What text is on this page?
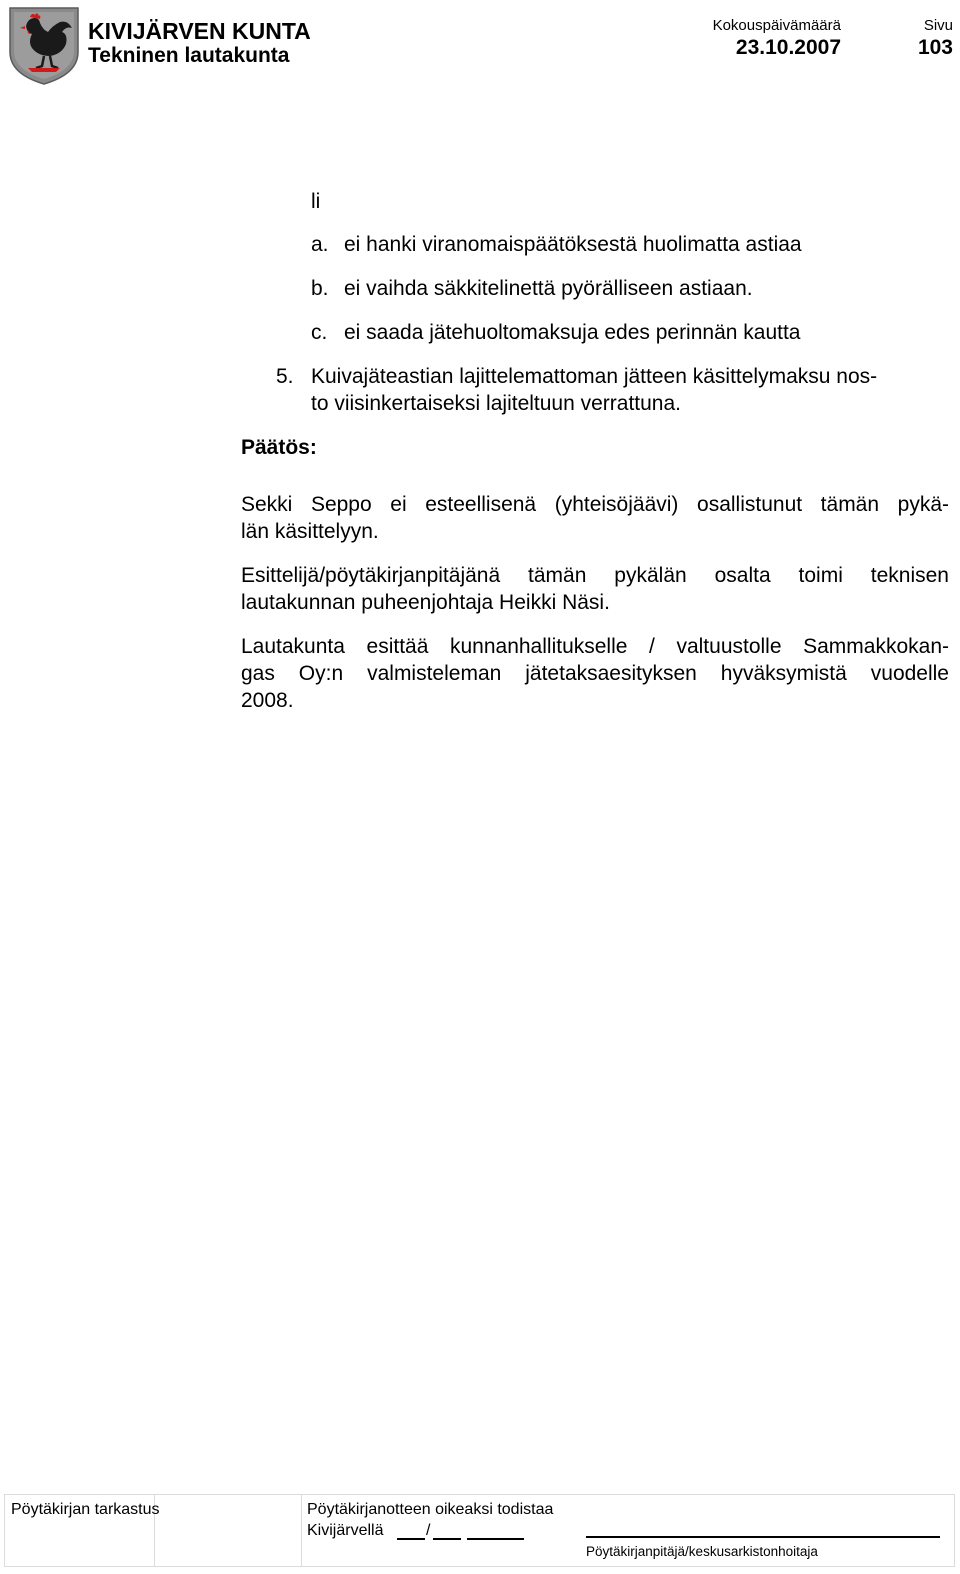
KIVIJÄRVEN KUNTA
Tekninen lautakunta
Kokouspäivämäärä
23.10.2007
Sivu
103
li
a. ei hanki viranomaispäätöksestä huolimatta astiaa
b. ei vaihda säkkitelinettä pyörälliseen astiaan.
c. ei saada jätehuoltomaksuja edes perinnän kautta
5. Kuivajäteastian lajittelemattoman jätteen käsittelymaksu nos-
to viisinkertaiseksi lajiteltuun verrattuna.
Päätös:
Sekki Seppo ei esteellisenä (yhteisöjäävi) osallistunut tämän pykä-
län käsittelyyn.
Esittelijä/pöytäkirjanpitäjänä tämän pykälän osalta toimi teknisen
lautakunnan puheenjohtaja Heikki Näsi.
Lautakunta esittää kunnanhallitukselle / valtuustolle Sammakkokan-
gas Oy:n valmisteleman jätetaksaesityksen hyväksymistä vuodelle
2008.
Pöytäkirjan tarkastus	Pöytäkirjanotteen oikeaksi todistaa
Kivijärvellä	/
Pöytäkirjanpitäjä/keskusarkistonhoitaja
